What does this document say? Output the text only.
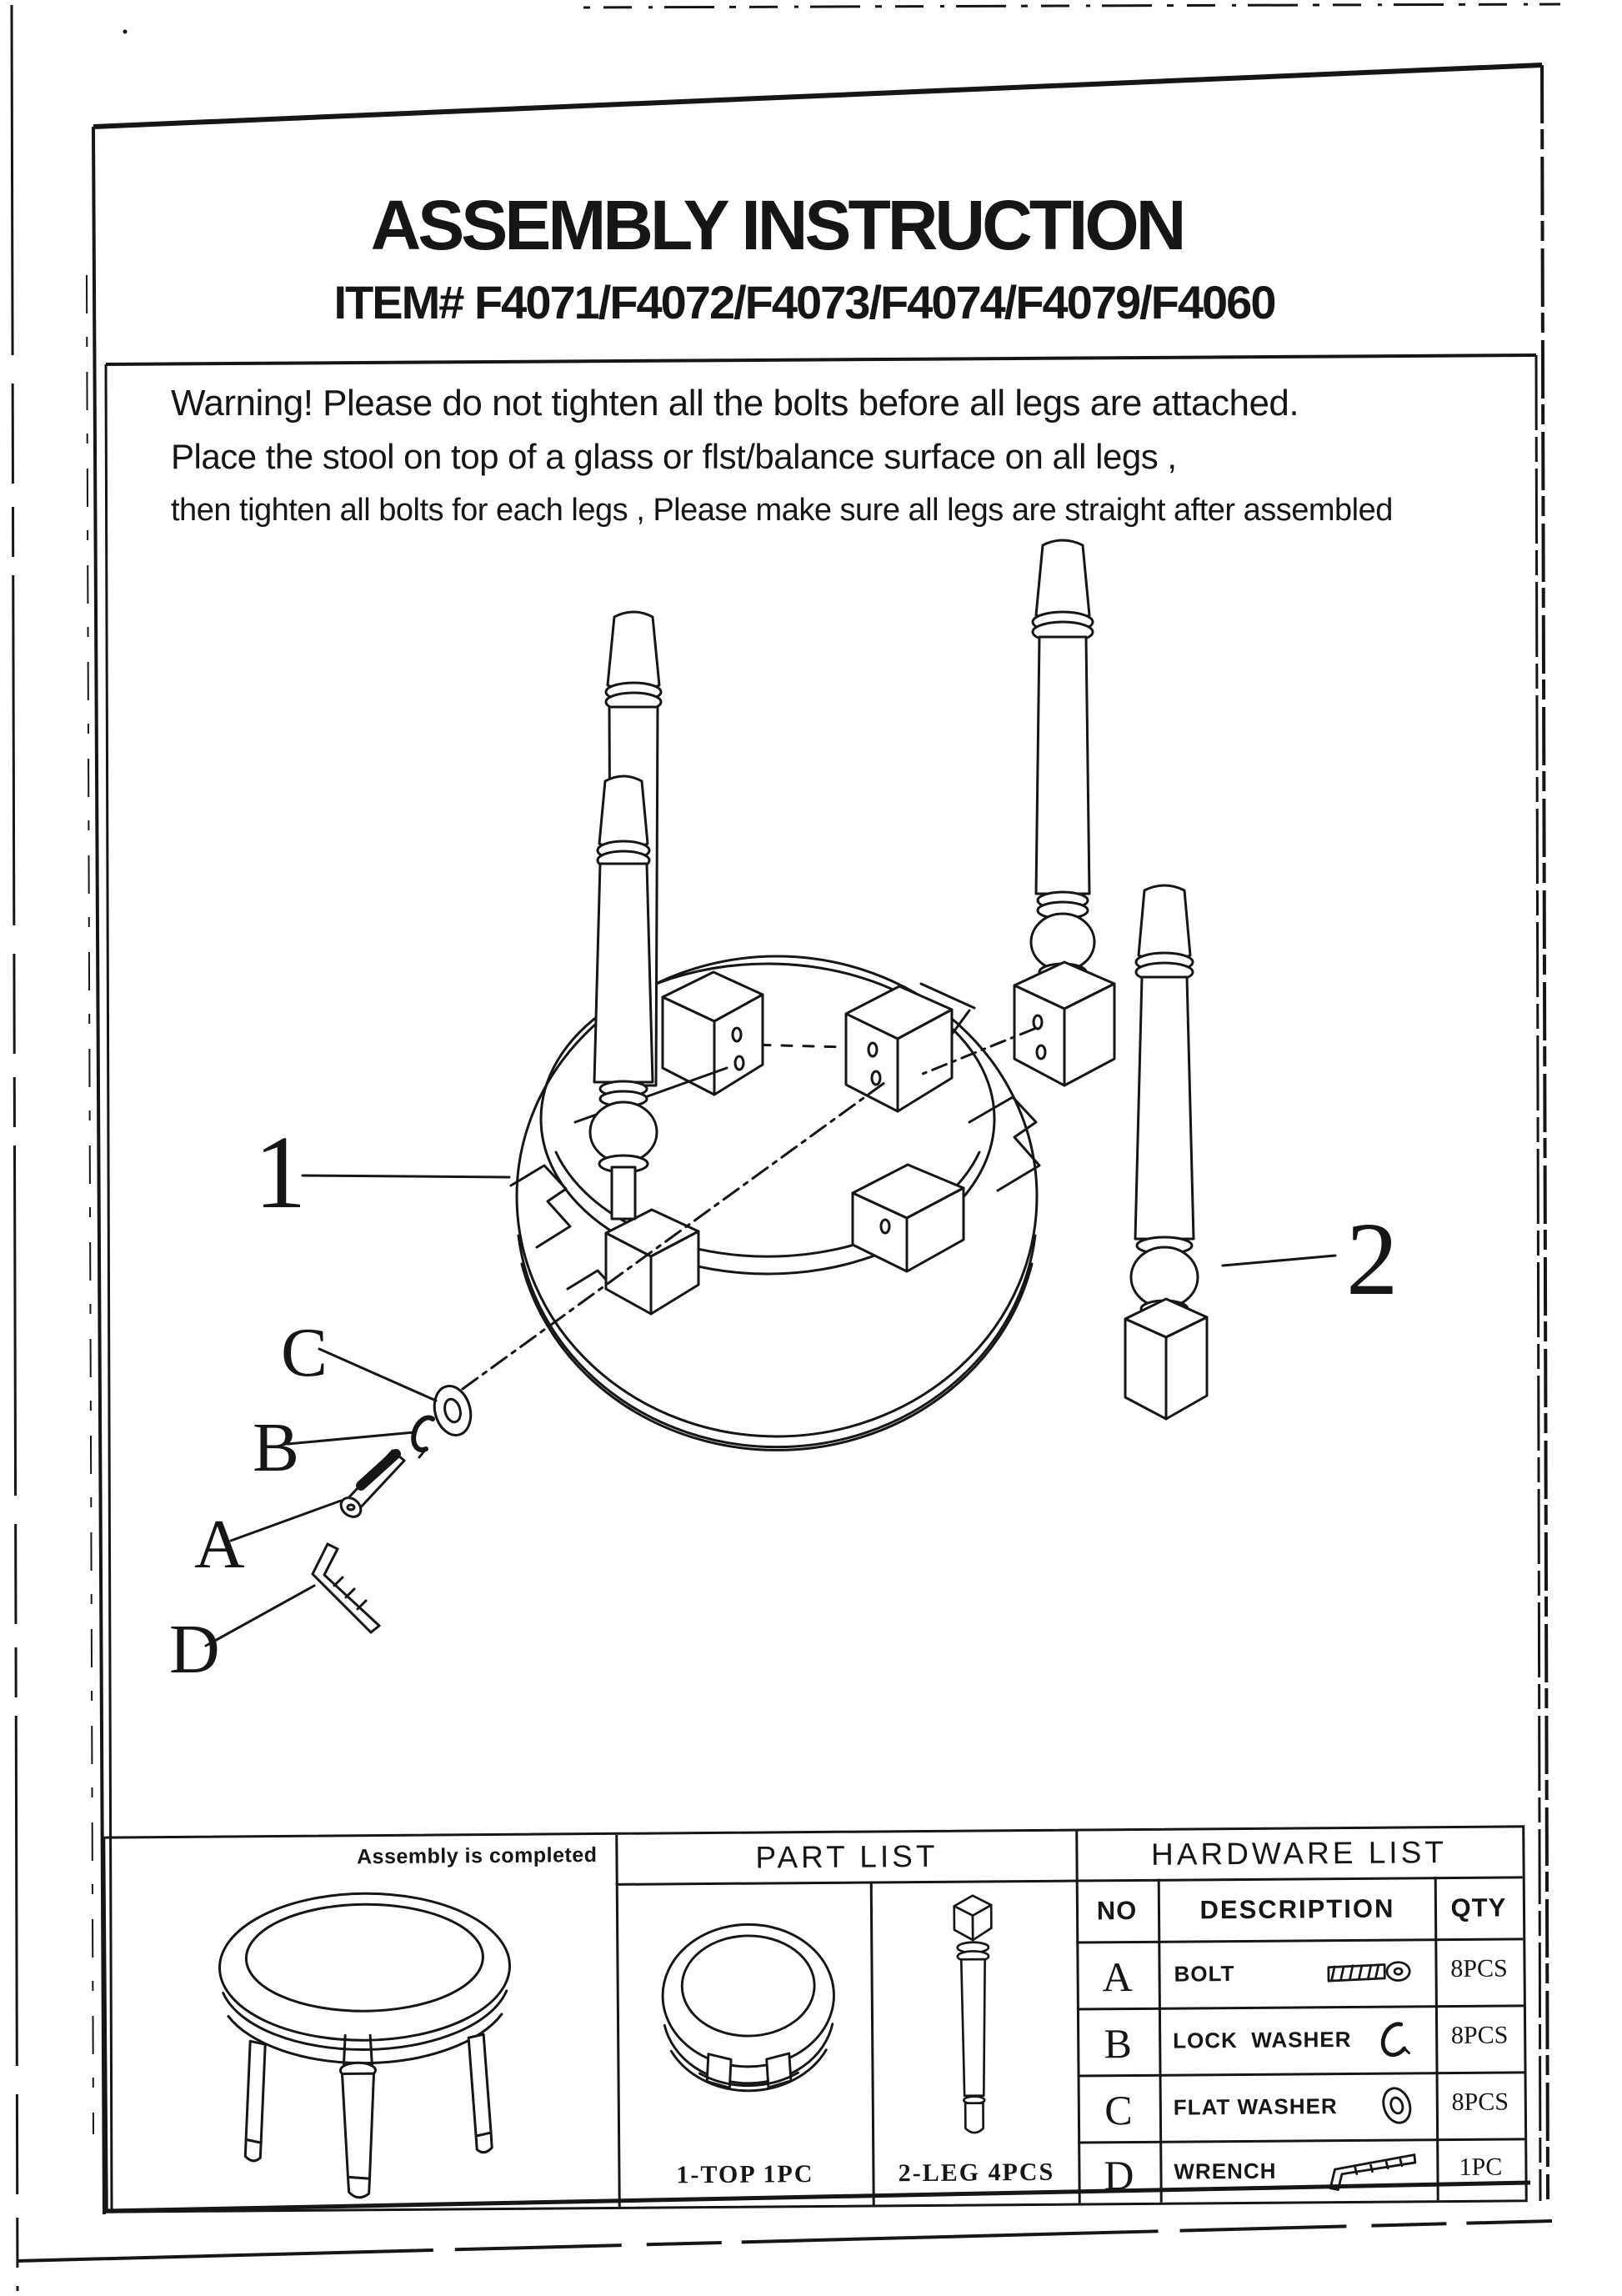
ASSEMBLY INSTRUCTION
ITEM# F4071/F4072/F4073/F4074/F4079/F4060
Warning! Please do not tighten all the bolts before all legs are attached.
Place the stool on top of a glass or flst/balance surface on all legs ,
then tighten all bolts for each legs , Please make sure all legs are straight after assembled
1
2
C
B
A
D
Assembly is completed	PART LIST
1-TOP 1PC	2-LEG 4PCS
HARDWARE LIST
NO	DESCRIPTION	QTY
A	BOLT	8PCS
B	LOCK  WASHER	8PCS
C	FLAT WASHER	8PCS
D	WRENCH	1PC
